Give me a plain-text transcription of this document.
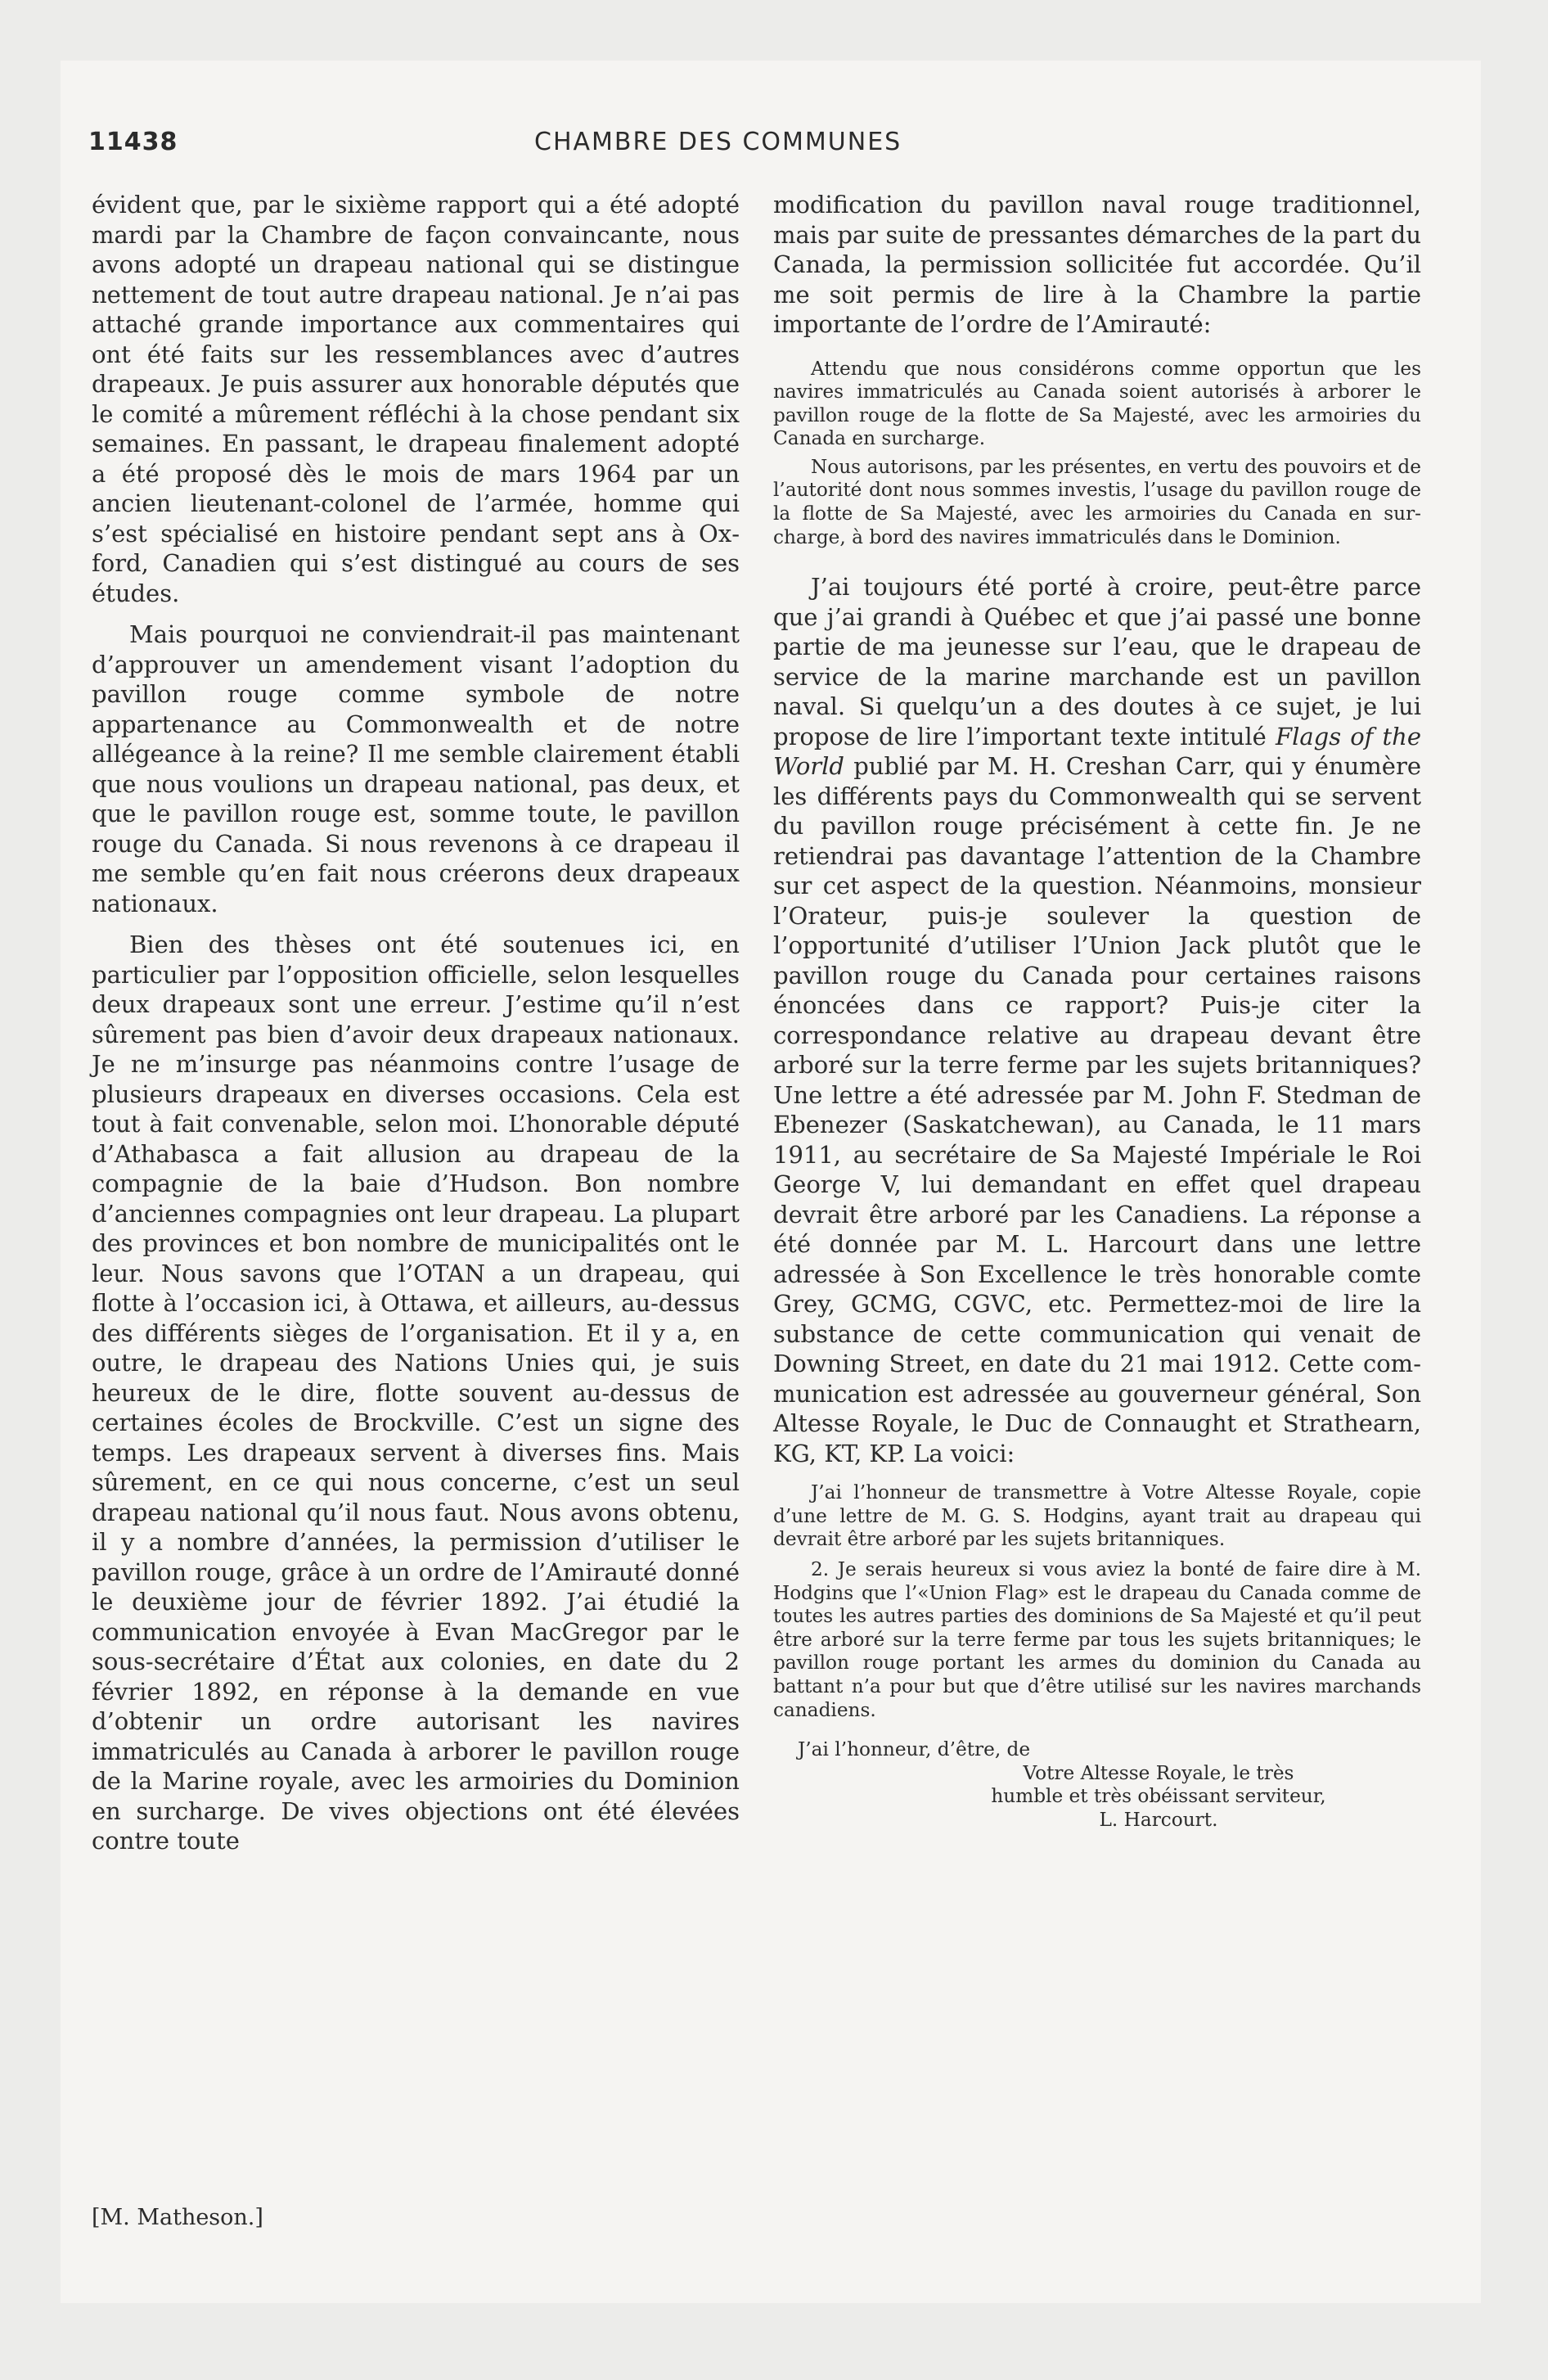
11438	CHAMBRE DES COMMUNES

évident que, par le sixième rapport qui a été adopté mardi par la Chambre de façon convaincante, nous avons adopté un drapeau national qui se distingue nettement de tout autre drapeau national. Je n’ai pas attaché grande importance aux commentaires qui ont été faits sur les ressemblances avec d’autres drapeaux. Je puis assurer aux honorable députés que le comité a mûrement réfléchi à la chose pendant six semaines. En passant, le drapeau finalement adopté a été proposé dès le mois de mars 1964 par un ancien lieutenant-colonel de l’armée, homme qui s’est spécialisé en histoire pendant sept ans à Oxford, Canadien qui s’est distingué au cours de ses études.

Mais pourquoi ne conviendrait-il pas maintenant d’approuver un amendement visant l’adoption du pavillon rouge comme symbole de notre appartenance au Commonwealth et de notre allégeance à la reine? Il me semble clairement établi que nous voulions un drapeau national, pas deux, et que le pavillon rouge est, somme toute, le pavillon rouge du Canada. Si nous revenons à ce drapeau il me semble qu’en fait nous créerons deux drapeaux nationaux.

Bien des thèses ont été soutenues ici, en particulier par l’opposition officielle, selon lesquelles deux drapeaux sont une erreur. J’estime qu’il n’est sûrement pas bien d’avoir deux drapeaux nationaux. Je ne m’insurge pas néanmoins contre l’usage de plusieurs drapeaux en diverses occasions. Cela est tout à fait convenable, selon moi. L’honorable député d’Athabasca a fait allusion au drapeau de la compagnie de la baie d’Hudson. Bon nombre d’anciennes compagnies ont leur drapeau. La plupart des provinces et bon nombre de municipalités ont le leur. Nous savons que l’OTAN a un drapeau, qui flotte à l’occasion ici, à Ottawa, et ailleurs, au-dessus des différents sièges de l’organisation. Et il y a, en outre, le drapeau des Nations Unies qui, je suis heureux de le dire, flotte souvent au-dessus de certaines écoles de Brockville. C’est un signe des temps. Les drapeaux servent à diverses fins. Mais sûrement, en ce qui nous concerne, c’est un seul drapeau national qu’il nous faut. Nous avons obtenu, il y a nombre d’années, la permission d’utiliser le pavillon rouge, grâce à un ordre de l’Amirauté donné le deuxième jour de février 1892. J’ai étudié la communication envoyée à Evan MacGregor par le sous-secrétaire d’État aux colonies, en date du 2 février 1892, en réponse à la demande en vue d’obtenir un ordre autorisant les navires immatriculés au Canada à arborer le pavillon rouge de la Marine royale, avec les armoiries du Dominion en surcharge. De vives objections ont été élevées contre toute

modification du pavillon naval rouge traditionnel, mais par suite de pressantes démarches de la part du Canada, la permission sollicitée fut accordée. Qu’il me soit permis de lire à la Chambre la partie importante de l’ordre de l’Amirauté:

Attendu que nous considérons comme opportun que les navires immatriculés au Canada soient autorisés à arborer le pavillon rouge de la flotte de Sa Majesté, avec les armoiries du Canada en surcharge.

Nous autorisons, par les présentes, en vertu des pouvoirs et de l’autorité dont nous sommes investis, l’usage du pavillon rouge de la flotte de Sa Majesté, avec les armoiries du Canada en surcharge, à bord des navires immatriculés dans le Dominion.

J’ai toujours été porté à croire, peut-être parce que j’ai grandi à Québec et que j’ai passé une bonne partie de ma jeunesse sur l’eau, que le drapeau de service de la marine marchande est un pavillon naval. Si quelqu’un a des doutes à ce sujet, je lui propose de lire l’important texte intitulé Flags of the World publié par M. H. Creshan Carr, qui y énumère les différents pays du Commonwealth qui se servent du pavillon rouge précisément à cette fin. Je ne retiendrai pas davantage l’attention de la Chambre sur cet aspect de la question. Néanmoins, monsieur l’Orateur, puis-je soulever la question de l’opportunité d’utiliser l’Union Jack plutôt que le pavillon rouge du Canada pour certaines raisons énoncées dans ce rapport? Puis-je citer la correspondance relative au drapeau devant être arboré sur la terre ferme par les sujets britanniques? Une lettre a été adressée par M. John F. Stedman de Ebenezer (Saskatchewan), au Canada, le 11 mars 1911, au secrétaire de Sa Majesté Impériale le Roi George V, lui demandant en effet quel drapeau devrait être arboré par les Canadiens. La réponse a été donnée par M. L. Harcourt dans une lettre adressée à Son Excellence le très honorable comte Grey, GCMG, CGVC, etc. Permettez-moi de lire la substance de cette communication qui venait de Downing Street, en date du 21 mai 1912. Cette communication est adressée au gouverneur général, Son Altesse Royale, le Duc de Connaught et Strathearn, KG, KT, KP. La voici:

J’ai l’honneur de transmettre à Votre Altesse Royale, copie d’une lettre de M. G. S. Hodgins, ayant trait au drapeau qui devrait être arboré par les sujets britanniques.

2. Je serais heureux si vous aviez la bonté de faire dire à M. Hodgins que l’«Union Flag» est le drapeau du Canada comme de toutes les autres parties des dominions de Sa Majesté et qu’il peut être arboré sur la terre ferme par tous les sujets britanniques; le pavillon rouge portant les armes du dominion du Canada au battant n’a pour but que d’être utilisé sur les navires marchands canadiens.

J’ai l’honneur, d’être, de

Votre Altesse Royale, le très
humble et très obéissant serviteur,
L. Harcourt.
[M. Matheson.]
